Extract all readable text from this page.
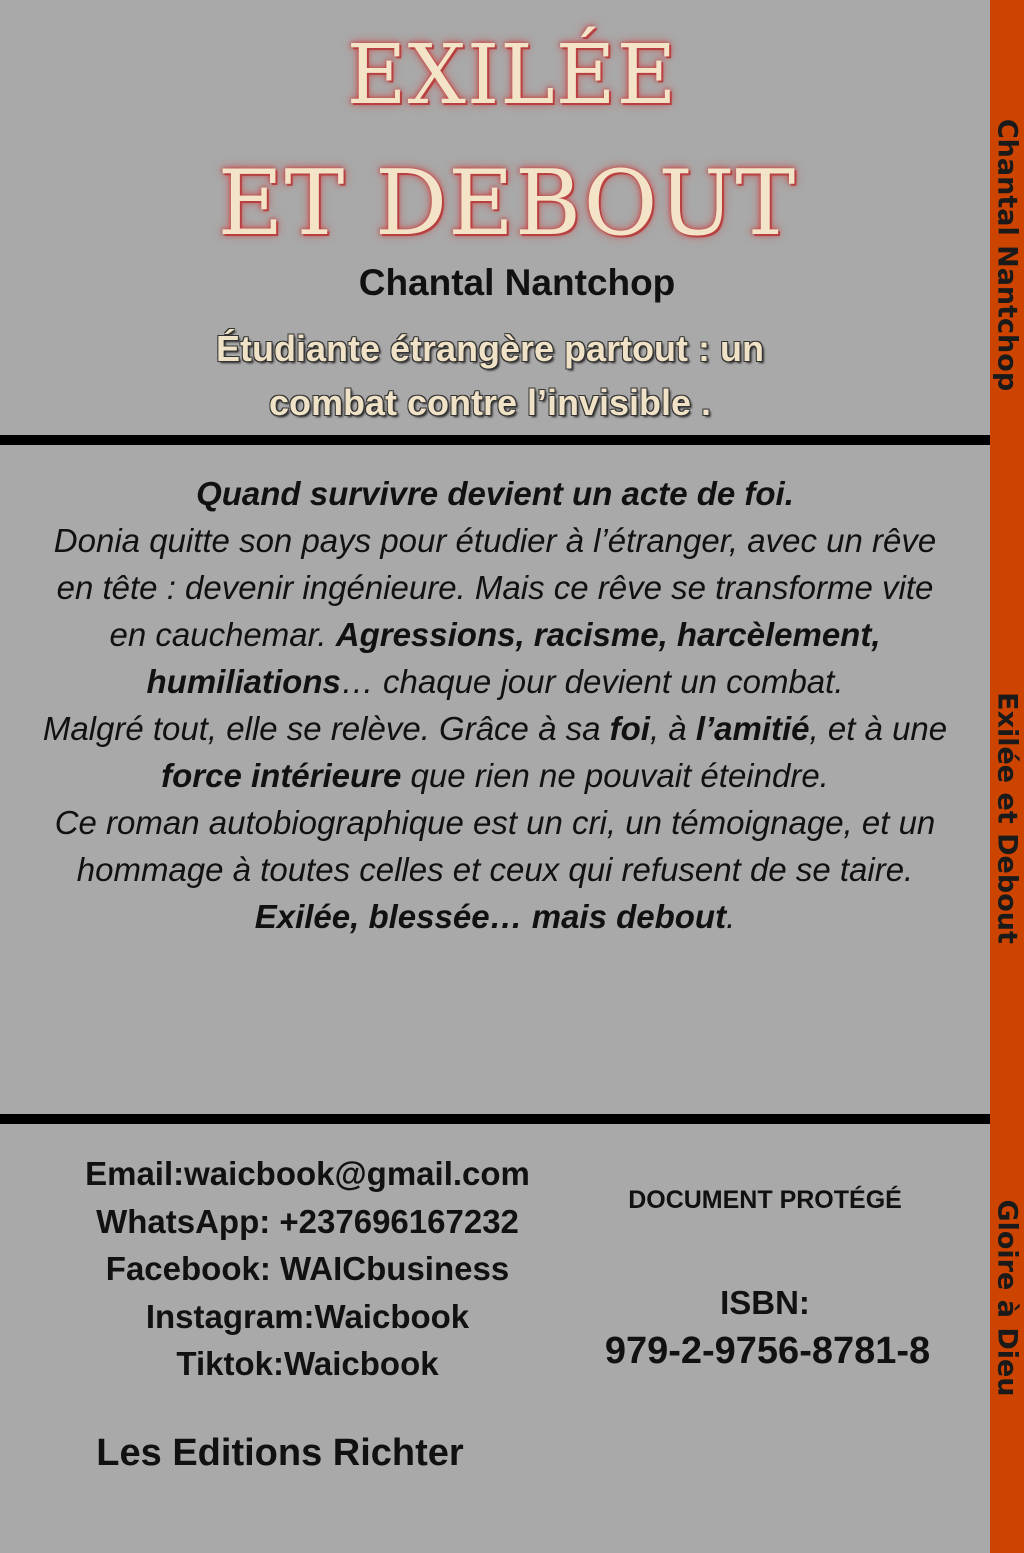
Chantal Nantchop

Exilée et Debout

Gloire à Dieu

EXILÉE
ET DEBOUT

Chantal Nantchop

Étudiante étrangère partout : un
combat contre l’invisible .

Quand survivre devient un acte de foi.

Donia quitte son pays pour étudier à l’étranger, avec un rêve en tête : devenir ingénieure. Mais ce rêve se transforme vite en cauchemar. Agressions, racisme, harcèlement, humiliations… chaque jour devient un combat.

Malgré tout, elle se relève. Grâce à sa foi, à l’amitié, et à une force intérieure que rien ne pouvait éteindre.

Ce roman autobiographique est un cri, un témoignage, et un hommage à toutes celles et ceux qui refusent de se taire.

Exilée, blessée… mais debout.

Email:waicbook@gmail.com
WhatsApp: +237696167232
Facebook: WAICbusiness
Instagram:Waicbook
Tiktok:Waicbook

Les Editions Richter

DOCUMENT PROTÉGÉ

ISBN:

979-2-9756-8781-8
